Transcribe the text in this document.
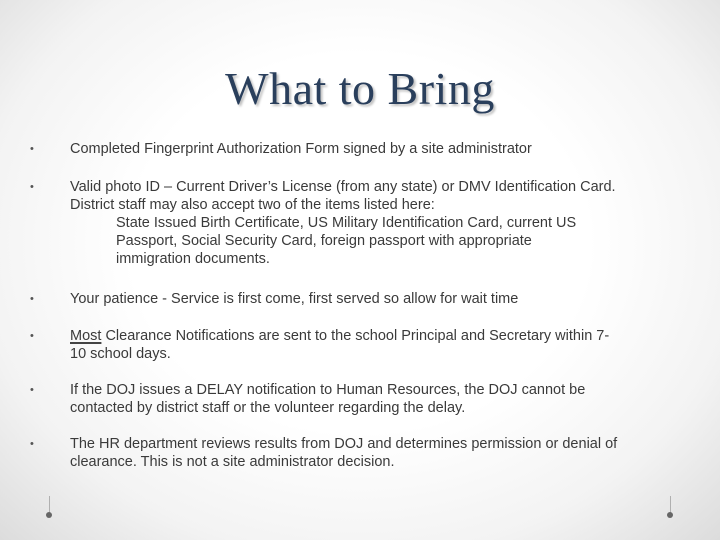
What to Bring
•	Completed Fingerprint Authorization Form signed by a site administrator
•	Valid photo ID – Current Driver’s License (from any state) or DMV Identification Card.
District staff may also accept two of the items listed here:
State Issued Birth Certificate, US Military Identification Card, current US
Passport, Social Security Card, foreign passport with appropriate
immigration documents.
•	Your patience - Service is first come, first served so allow for wait time
•	Most Clearance Notifications are sent to the school Principal and Secretary within 7-
10 school days.
•	If the DOJ issues a DELAY notification to Human Resources, the DOJ cannot be
contacted by district staff or the volunteer regarding the delay.
•	The HR department reviews results from DOJ and determines permission or denial of
clearance. This is not a site administrator decision.
